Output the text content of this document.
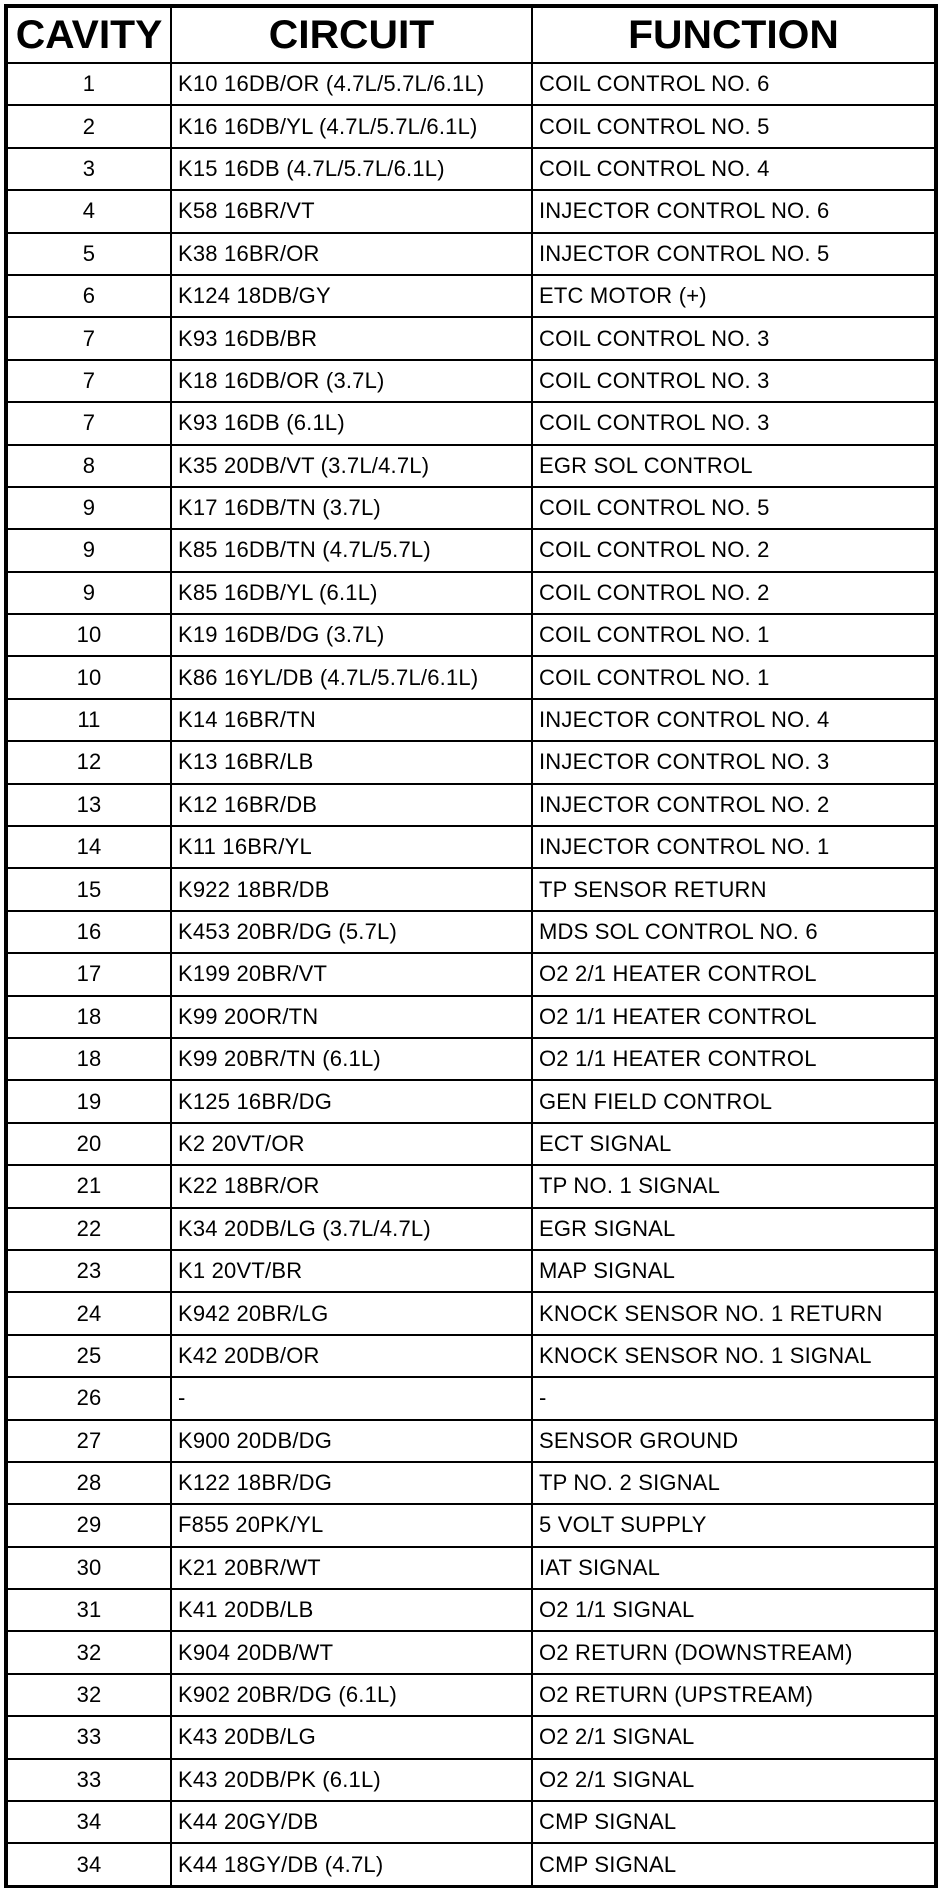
CAVITY	CIRCUIT	FUNCTION
1	K10 16DB/OR (4.7L/5.7L/6.1L)	COIL CONTROL NO. 6
2	K16 16DB/YL (4.7L/5.7L/6.1L)	COIL CONTROL NO. 5
3	K15 16DB (4.7L/5.7L/6.1L)	COIL CONTROL NO. 4
4	K58 16BR/VT	INJECTOR CONTROL NO. 6
5	K38 16BR/OR	INJECTOR CONTROL NO. 5
6	K124 18DB/GY	ETC MOTOR (+)
7	K93 16DB/BR	COIL CONTROL NO. 3
7	K18 16DB/OR (3.7L)	COIL CONTROL NO. 3
7	K93 16DB (6.1L)	COIL CONTROL NO. 3
8	K35 20DB/VT (3.7L/4.7L)	EGR SOL CONTROL
9	K17 16DB/TN (3.7L)	COIL CONTROL NO. 5
9	K85 16DB/TN (4.7L/5.7L)	COIL CONTROL NO. 2
9	K85 16DB/YL (6.1L)	COIL CONTROL NO. 2
10	K19 16DB/DG (3.7L)	COIL CONTROL NO. 1
10	K86 16YL/DB (4.7L/5.7L/6.1L)	COIL CONTROL NO. 1
11	K14 16BR/TN	INJECTOR CONTROL NO. 4
12	K13 16BR/LB	INJECTOR CONTROL NO. 3
13	K12 16BR/DB	INJECTOR CONTROL NO. 2
14	K11 16BR/YL	INJECTOR CONTROL NO. 1
15	K922 18BR/DB	TP SENSOR RETURN
16	K453 20BR/DG (5.7L)	MDS SOL CONTROL NO. 6
17	K199 20BR/VT	O2 2/1 HEATER CONTROL
18	K99 20OR/TN	O2 1/1 HEATER CONTROL
18	K99 20BR/TN (6.1L)	O2 1/1 HEATER CONTROL
19	K125 16BR/DG	GEN FIELD CONTROL
20	K2 20VT/OR	ECT SIGNAL
21	K22 18BR/OR	TP NO. 1 SIGNAL
22	K34 20DB/LG (3.7L/4.7L)	EGR SIGNAL
23	K1 20VT/BR	MAP SIGNAL
24	K942 20BR/LG	KNOCK SENSOR NO. 1 RETURN
25	K42 20DB/OR	KNOCK SENSOR NO. 1 SIGNAL
26	-	-
27	K900 20DB/DG	SENSOR GROUND
28	K122 18BR/DG	TP NO. 2 SIGNAL
29	F855 20PK/YL	5 VOLT SUPPLY
30	K21 20BR/WT	IAT SIGNAL
31	K41 20DB/LB	O2 1/1 SIGNAL
32	K904 20DB/WT	O2 RETURN (DOWNSTREAM)
32	K902 20BR/DG (6.1L)	O2 RETURN (UPSTREAM)
33	K43 20DB/LG	O2 2/1 SIGNAL
33	K43 20DB/PK (6.1L)	O2 2/1 SIGNAL
34	K44 20GY/DB	CMP SIGNAL
34	K44 18GY/DB (4.7L)	CMP SIGNAL
